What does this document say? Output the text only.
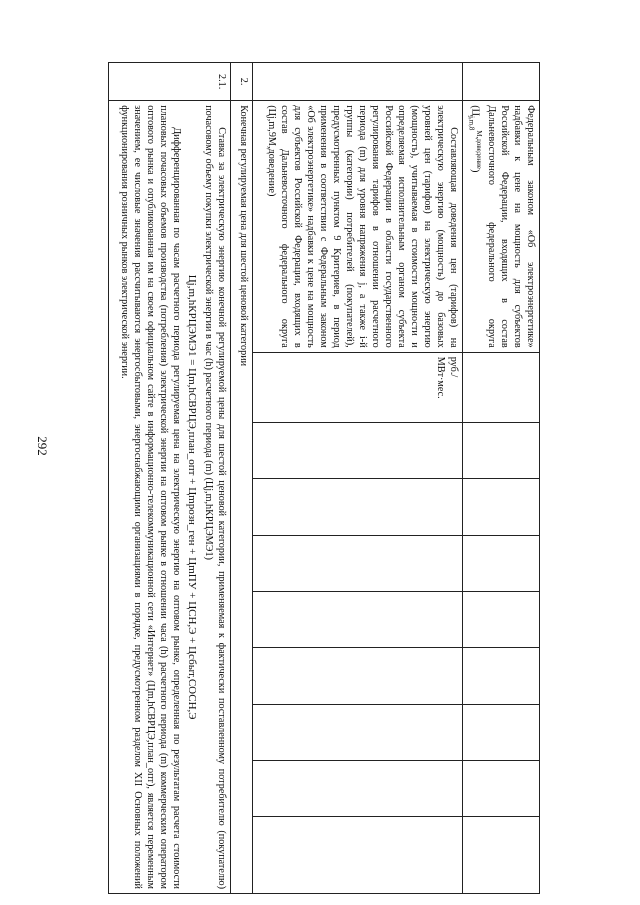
292
	Федеральным законом «Об электроэнергетике» надбавки к цене на мощность для субъектов Российской Федерации, входящих в состав Дальневосточного федерального округа $(Ц_{j,m,8}^{М,доведение})$									
	Составляющая доведения цен (тарифов) на электрическую энергию (мощность) до базовых уровней цен (тарифов) на электрическую энергию (мощность), учитываемая в стоимости мощности и определяемая исполнительным органом субъекта Российской Федерации в области государственного регулирования тарифов в отношении расчетного периода (m) для уровня напряжения j, а также i-й группы (категории) потребителей (покупателей), предусмотренных пунктом 9 Критериев, в период применения в соответствии с Федеральным законом «Об электроэнергетике» надбавки к цене на мощность для субъектов Российской Федерации, входящих в состав Дальневосточного федерального округа (Цj,m,9М,доведение)	руб./МВт·мес.								
2.	Конечная регулируемая цена для шестой ценовой категории									
2.1.	Ставка за электрическую энергию конечной регулируемой цены для шестой ценовой категории, применяемая к фактически поставленному потребителю (покупателю) почасовому объему покупки электрической энергии в час (h) расчетного периода (m) (Цj,m,hКРЦЭМЭ1)
Цj,m,hКРЦЭМЭ1 = Цm,hСВРЦЭ,план_опт + Цmрозн_ген + ЦmПУ + ЦСН,Э + Цсбыт,СОСН,Э
Дифференцированная по часам расчетного периода регулируемая цена на электрическую энергию на оптовом рынке, определенная по результатам расчета стоимости плановых почасовых объемов производства (потребления) электрической энергии на оптовом рынке в отношении часа (h) расчетного периода (m) коммерческим оператором оптового рынка и опубликованная им на своем официальном сайте в информационно-телекоммуникационной сети «Интернет» (Цm,hСВРЦЭ,план_опт), является переменным значением, ее числовые значения рассчитываются энергосбытовыми, энергоснабжающими организациями в порядке, предусмотренном разделом XII Основных положений функционирования розничных рынков электрической энергии.									
